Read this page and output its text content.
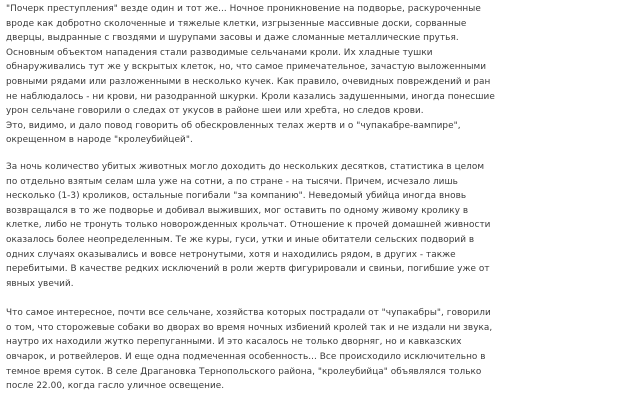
"Почерк преступления" везде один и тот же... Ночное проникновение на подворье, раскуроченные
вроде как добротно сколоченные и тяжелые клетки, изгрызенные массивные доски, сорванные
дверцы, выдранные с гвоздями и шурупами засовы и даже сломанные металлические прутья.
Основным объектом нападения стали разводимые сельчанами кроли. Их хладные тушки
обнаруживались тут же у вскрытых клеток, но, что самое примечательное, зачастую выложенными
ровными рядами или разложенными в несколько кучек. Как правило, очевидных повреждений и ран
не наблюдалось - ни крови, ни разодранной шкурки. Кроли казались задушенными, иногда понесшие
урон сельчане говорили о следах от укусов в районе шеи или хребта, но следов крови.
Это, видимо, и дало повод говорить об обескровленных телах жертв и о "чупакабре-вампире",
окрещенном в народе "кролеубийцей".

За ночь количество убитых животных могло доходить до нескольких десятков, статистика в целом
по отдельно взятым селам шла уже на сотни, а по стране - на тысячи. Причем, исчезало лишь
несколько (1-3) кроликов, остальные погибали "за компанию". Неведомый убийца иногда вновь
возвращался в то же подворье и добивал выживших, мог оставить по одному живому кролику в
клетке, либо не тронуть только новорожденных крольчат. Отношение к прочей домашней живности
оказалось более неопределенным. Те же куры, гуси, утки и иные обитатели сельских подворий в
одних случаях оказывались и вовсе нетронутыми, хотя и находились рядом, в других - также
перебитыми. В качестве редких исключений в роли жертв фигурировали и свиньи, погибшие уже от
явных увечий.

Что самое интересное, почти все сельчане, хозяйства которых пострадали от "чупакабры", говорили
о том, что сторожевые собаки во дворах во время ночных избиений кролей так и не издали ни звука,
наутро их находили жутко перепуганными. И это касалось не только дворняг, но и кавказских
овчарок, и ротвейлеров. И еще одна подмеченная особенность... Все происходило исключительно в
темное время суток. В селе Драгановка Тернопольского района, "кролеубийца" объявлялся только
после 22.00, когда гасло уличное освещение.
